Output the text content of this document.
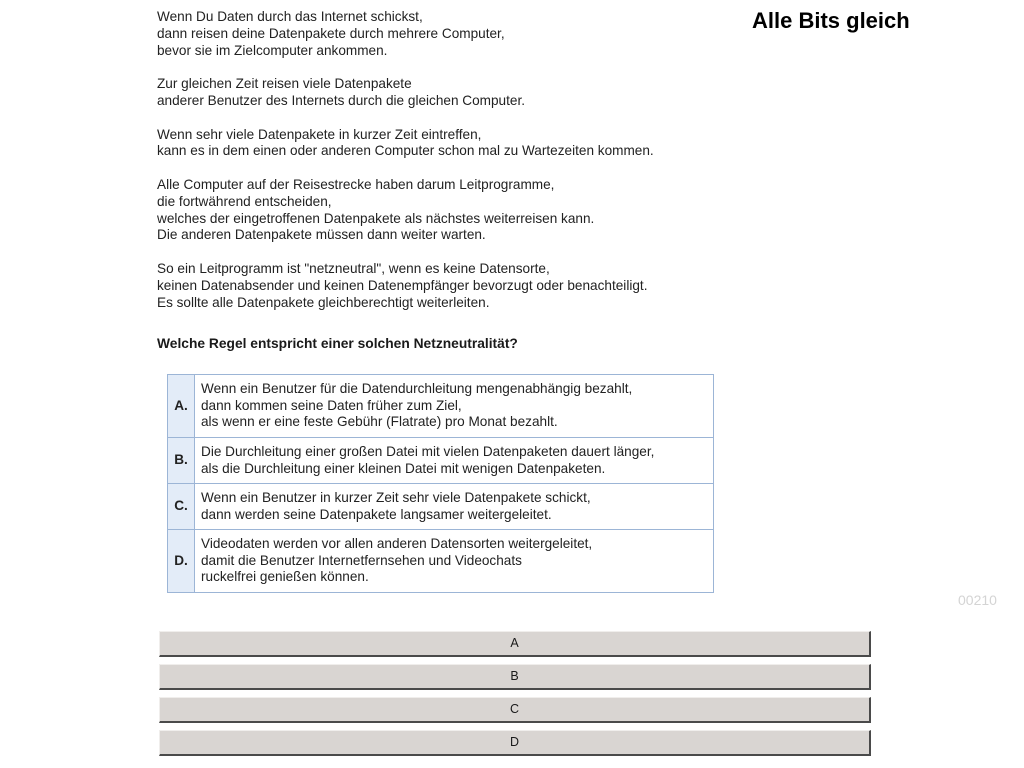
Alle Bits gleich
Wenn Du Daten durch das Internet schickst,
dann reisen deine Datenpakete durch mehrere Computer,
bevor sie im Zielcomputer ankommen.
Zur gleichen Zeit reisen viele Datenpakete
anderer Benutzer des Internets durch die gleichen Computer.
Wenn sehr viele Datenpakete in kurzer Zeit eintreffen,
kann es in dem einen oder anderen Computer schon mal zu Wartezeiten kommen.
Alle Computer auf der Reisestrecke haben darum Leitprogramme,
die fortwährend entscheiden,
welches der eingetroffenen Datenpakete als nächstes weiterreisen kann.
Die anderen Datenpakete müssen dann weiter warten.
So ein Leitprogramm ist "netzneutral", wenn es keine Datensorte,
keinen Datenabsender und keinen Datenempfänger bevorzugt oder benachteiligt.
Es sollte alle Datenpakete gleichberechtigt weiterleiten.
Welche Regel entspricht einer solchen Netzneutralität?
A.	Wenn ein Benutzer für die Datendurchleitung mengenabhängig bezahlt,
dann kommen seine Daten früher zum Ziel,
als wenn er eine feste Gebühr (Flatrate) pro Monat bezahlt.

B.	Die Durchleitung einer großen Datei mit vielen Datenpaketen dauert länger,
als die Durchleitung einer kleinen Datei mit wenigen Datenpaketen.

C.	Wenn ein Benutzer in kurzer Zeit sehr viele Datenpakete schickt,
dann werden seine Datenpakete langsamer weitergeleitet.

D.	Videodaten werden vor allen anderen Datensorten weitergeleitet,
damit die Benutzer Internetfernsehen und Videochats
ruckelfrei genießen können.
00210
A
B
C
D
